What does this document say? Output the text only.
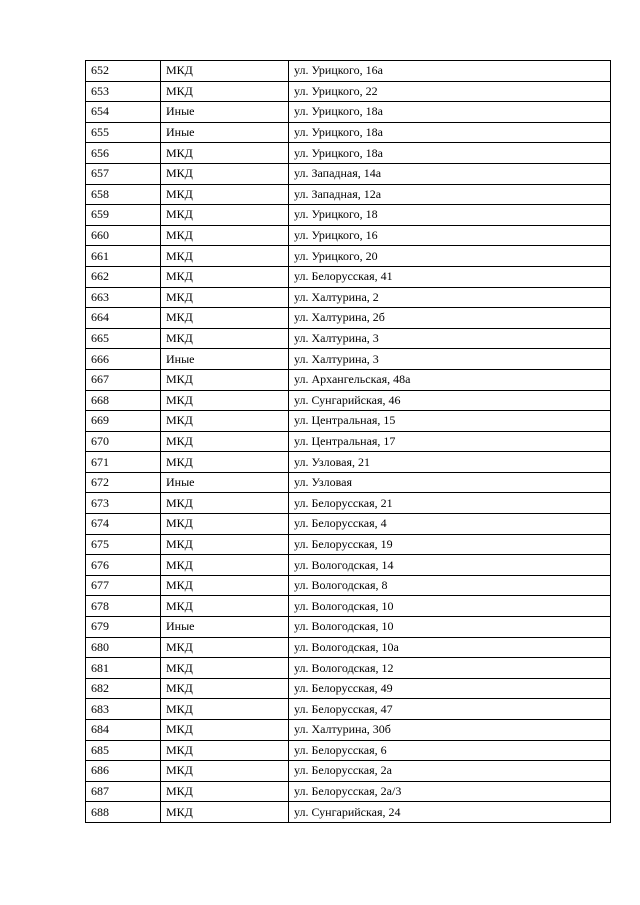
652	МКД	ул. Урицкого, 16а
653	МКД	ул. Урицкого, 22
654	Иные	ул. Урицкого, 18а
655	Иные	ул. Урицкого, 18а
656	МКД	ул. Урицкого, 18а
657	МКД	ул. Западная, 14а
658	МКД	ул. Западная, 12а
659	МКД	ул. Урицкого, 18
660	МКД	ул. Урицкого, 16
661	МКД	ул. Урицкого, 20
662	МКД	ул. Белорусская, 41
663	МКД	ул. Халтурина, 2
664	МКД	ул. Халтурина, 2б
665	МКД	ул. Халтурина, 3
666	Иные	ул. Халтурина, 3
667	МКД	ул. Архангельская, 48а
668	МКД	ул. Сунгарийская, 46
669	МКД	ул. Центральная, 15
670	МКД	ул. Центральная, 17
671	МКД	ул. Узловая, 21
672	Иные	ул. Узловая
673	МКД	ул. Белорусская, 21
674	МКД	ул. Белорусская, 4
675	МКД	ул. Белорусская, 19
676	МКД	ул. Вологодская, 14
677	МКД	ул. Вологодская, 8
678	МКД	ул. Вологодская, 10
679	Иные	ул. Вологодская, 10
680	МКД	ул. Вологодская, 10а
681	МКД	ул. Вологодская, 12
682	МКД	ул. Белорусская, 49
683	МКД	ул. Белорусская, 47
684	МКД	ул. Халтурина, 30б
685	МКД	ул. Белорусская, 6
686	МКД	ул. Белорусская, 2а
687	МКД	ул. Белорусская, 2а/3
688	МКД	ул. Сунгарийская, 24
